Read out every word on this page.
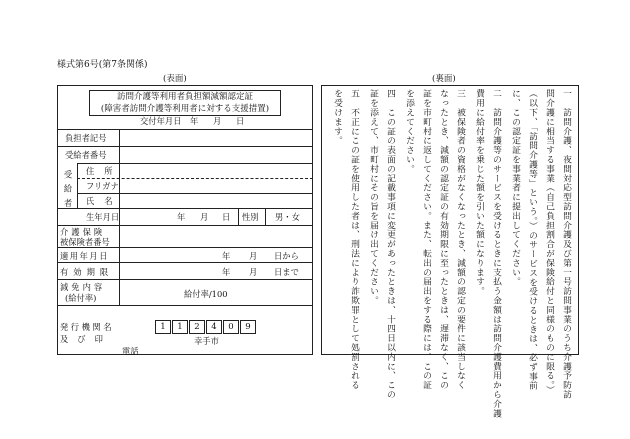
様式第6号(第7条関係)
(表面)	(裏面)
訪問介護等利用者負担額減額認定証
(障害者訪問介護等利用者に対する支援措置)
交付年月日 年 月 日
負担者記号
受給者番号
受給者 住所
フリガナ
氏名
生年月日	年 月 日 性別 男・女
介護保険
被保険者番号
適用年月日	年 月 日から
有効期限	年 月 日まで
減免内容
(給付率)	給付率/100
発行機関名
及び印
1	1	2	4	0	9
幸手市
電話	一　訪問介護、夜間対応型訪問介護及び第一号訪問事業のうち介護予防訪
問介護に相当する事業（自己負担割合が保険給付と同様のものに限る。）
（以下、「訪問介護等」という。）のサービスを受けるときは、必ず事前
に、この認定証を事業者に提出してください。
二　訪問介護等のサービスを受けるときに支払う金額は訪問介護費用から介護
費用に給付率を乗じた額を引いた額になります。
三　被保険者の資格がなくなったとき、減額の認定の要件に該当しなく
なったとき、減額の認定証の有効期限に至ったときは、遅滞なく、この
証を市町村に返してください。また、転出の届出をする際には、この証
を添えてください。
四　この証の表面の記載事項に変更があったときは、十四日以内に、この
証を添えて、市町村にその旨を届け出てください。
五　不正にこの証を使用した者は、刑法により詐欺罪として処罰される
を受けます。
